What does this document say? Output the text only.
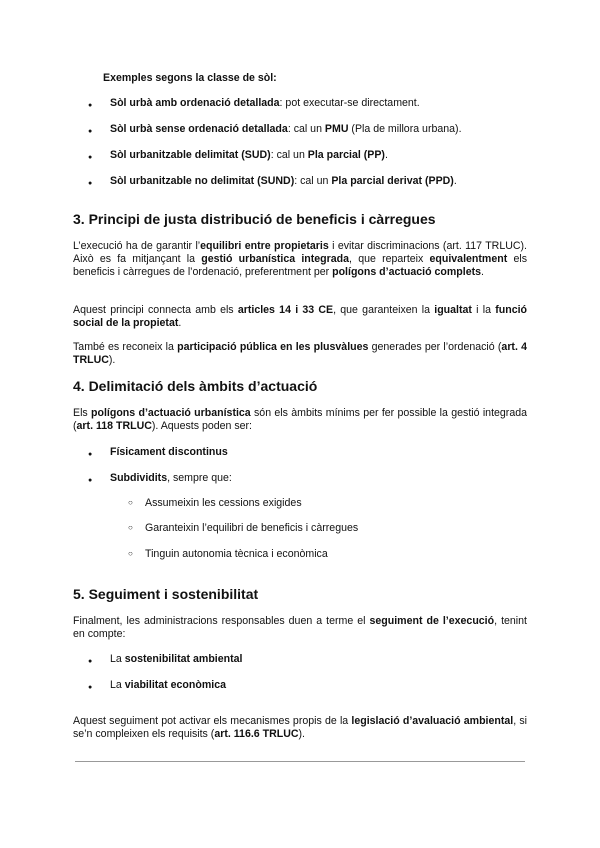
Exemples segons la classe de sòl:
● Sòl urbà amb ordenació detallada: pot executar-se directament.
● Sòl urbà sense ordenació detallada: cal un PMU (Pla de millora urbana).
● Sòl urbanitzable delimitat (SUD): cal un Pla parcial (PP).
● Sòl urbanitzable no delimitat (SUND): cal un Pla parcial derivat (PPD).
3. Principi de justa distribució de beneficis i càrregues

L’execució ha de garantir l’equilibri entre propietaris i evitar discriminacions (art. 117 TRLUC). Això es fa mitjançant la gestió urbanística integrada, que reparteix equivalentment els beneficis i càrregues de l’ordenació, preferentment per polígons d’actuació complets.

Aquest principi connecta amb els articles 14 i 33 CE, que garanteixen la igualtat i la funció social de la propietat.

També es reconeix la participació pública en les plusvàlues generades per l’ordenació (art. 4 TRLUC).

4. Delimitació dels àmbits d’actuació

Els polígons d’actuació urbanística són els àmbits mínims per fer possible la gestió integrada (art. 118 TRLUC). Aquests poden ser:

● Físicament discontinus
● Subdividits, sempre que:
○ Assumeixin les cessions exigides
○ Garanteixin l’equilibri de beneficis i càrregues
○ Tinguin autonomia tècnica i econòmica
5. Seguiment i sostenibilitat

Finalment, les administracions responsables duen a terme el seguiment de l’execució, tenint en compte:

● La sostenibilitat ambiental
● La viabilitat econòmica

Aquest seguiment pot activar els mecanismes propis de la legislació d’avaluació ambiental, si se’n compleixen els requisits (art. 116.6 TRLUC).
